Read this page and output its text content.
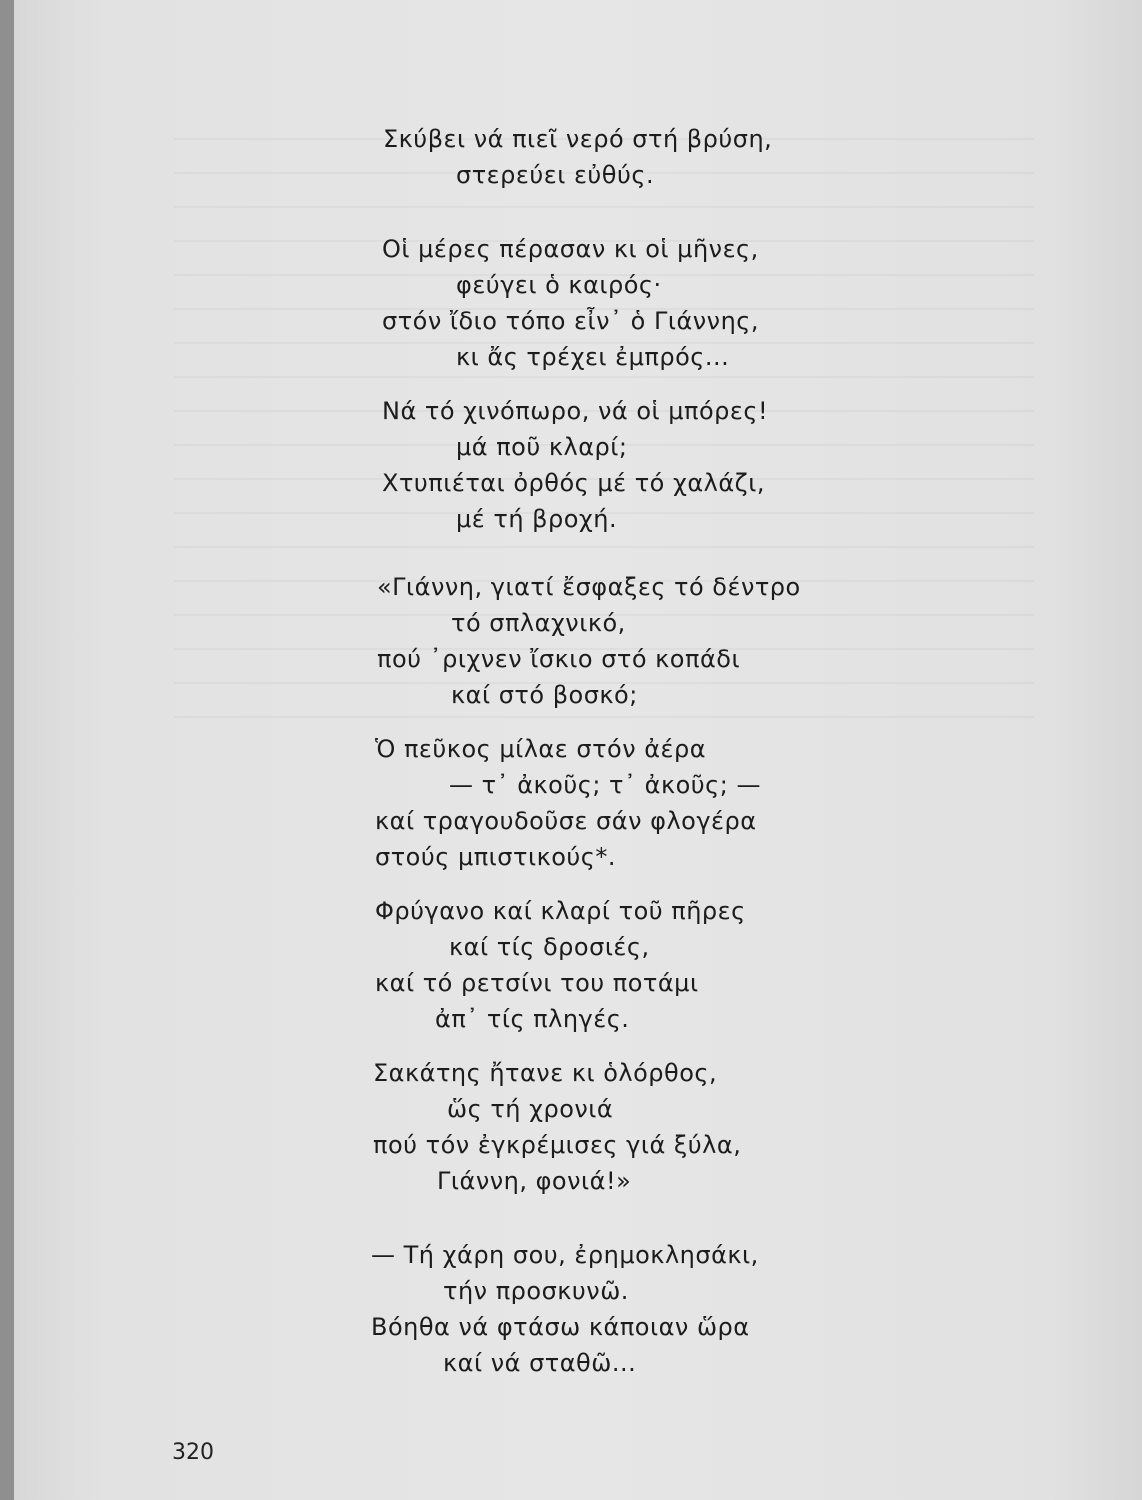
Σκύβει νά πιεῖ νερό στή βρύση,
στερεύει εὐθύς.
Οἱ μέρες πέρασαν κι οἱ μῆνες,
φεύγει ὁ καιρός·
στόν ἴδιο τόπο εἶν᾽ ὁ Γιάννης,
κι ἄς τρέχει ἐμπρός...
Νά τό χινόπωρο, νά οἱ μπόρες!
μά ποῦ κλαρί;
Χτυπιέται ὀρθός μέ τό χαλάζι,
μέ τή βροχή.
«Γιάννη, γιατί ἔσφαξες τό δέντρο
τό σπλαχνικό,
πού ᾽ριχνεν ἴσκιο στό κοπάδι
καί στό βοσκό;
Ὁ πεῦκος μίλαε στόν ἀέρα
— τ᾽ ἀκοῦς; τ᾽ ἀκοῦς; —
καί τραγουδοῦσε σάν φλογέρα
στούς μπιστικούς*.
Φρύγανο καί κλαρί τοῦ πῆρες
καί τίς δροσιές,
καί τό ρετσίνι του ποτάμι
ἀπ᾽ τίς πληγές.
Σακάτης ἤτανε κι ὁλόρθος,
ὥς τή χρονιά
πού τόν ἐγκρέμισες γιά ξύλα,
Γιάννη, φονιά!»
— Τή χάρη σου, ἐρημοκλησάκι,
τήν προσκυνῶ.
Βόηθα νά φτάσω κάποιαν ὥρα
καί νά σταθῶ...
320
